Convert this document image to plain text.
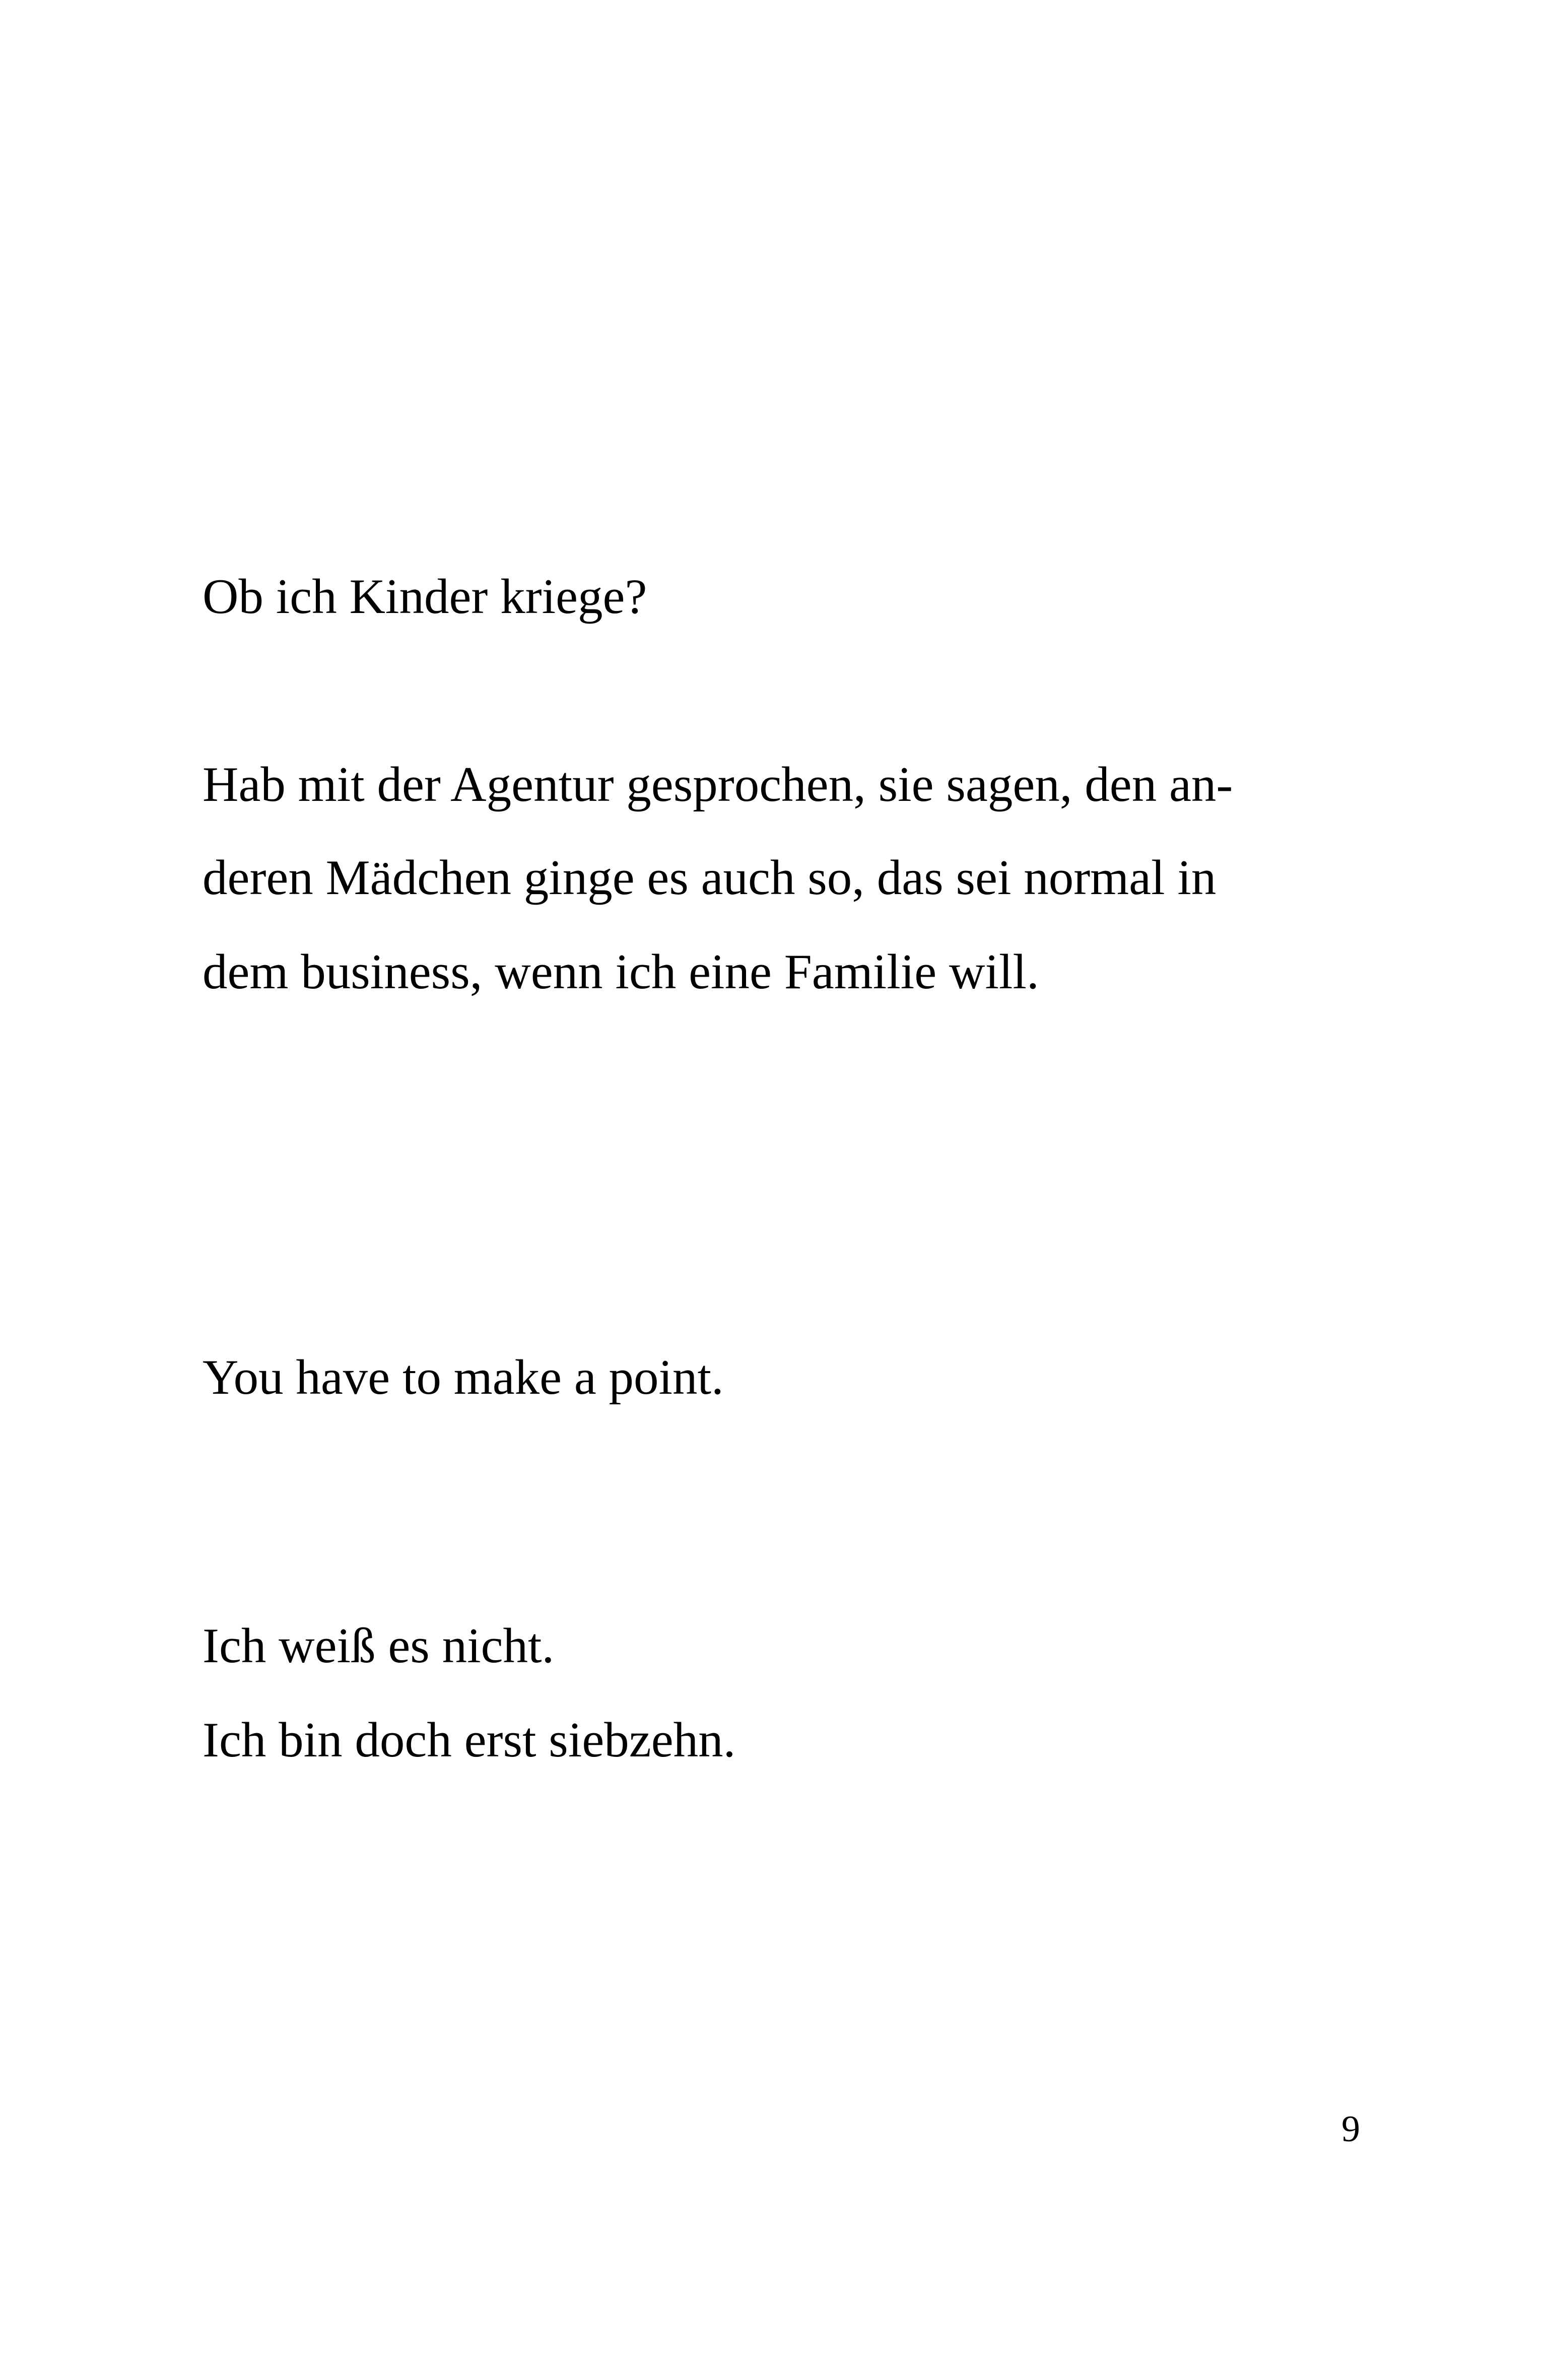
Ob ich Kinder kriege?

Hab mit der Agentur gesprochen, sie sagen, den an-

deren Mädchen ginge es auch so, das sei normal in

dem business, wenn ich eine Familie will.

You have to make a point.

Ich weiß es nicht.

Ich bin doch erst siebzehn.

9
